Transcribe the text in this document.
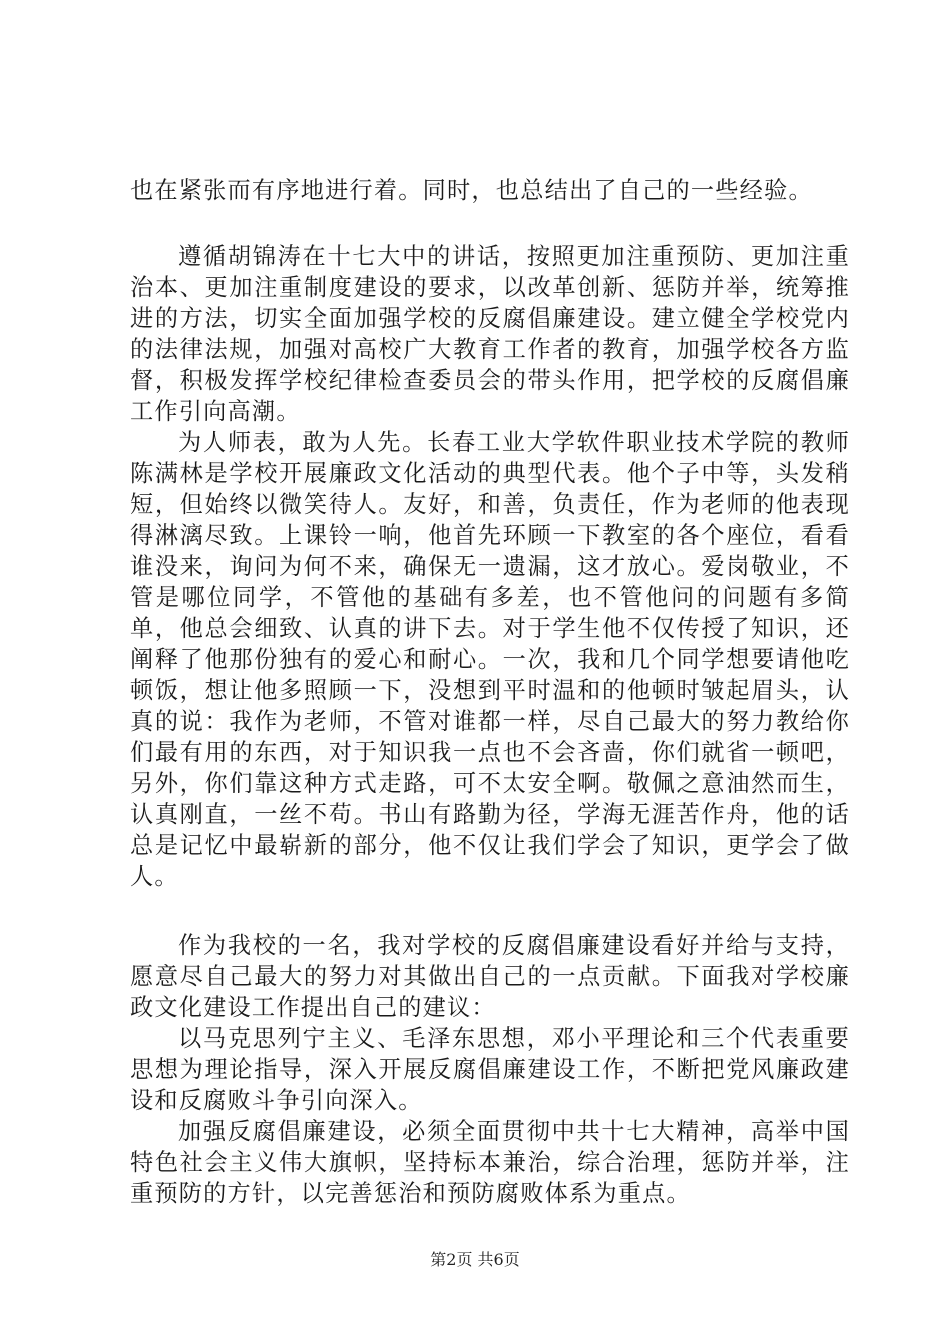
也在紧张而有序地进行着。同时，也总结出了自己的一些经验。

遵循胡锦涛在十七大中的讲话，按照更加注重预防、更加注重治本、更加注重制度建设的要求，以改革创新、惩防并举，统筹推进的方法，切实全面加强学校的反腐倡廉建设。建立健全学校党内的法律法规，加强对高校广大教育工作者的教育，加强学校各方监督，积极发挥学校纪律检查委员会的带头作用，把学校的反腐倡廉工作引向高潮。

为人师表，敢为人先。长春工业大学软件职业技术学院的教师陈满林是学校开展廉政文化活动的典型代表。他个子中等，头发稍短，但始终以微笑待人。友好，和善，负责任，作为老师的他表现得淋漓尽致。上课铃一响，他首先环顾一下教室的各个座位，看看谁没来，询问为何不来，确保无一遗漏，这才放心。爱岗敬业，不管是哪位同学，不管他的基础有多差，也不管他问的问题有多简单，他总会细致、认真的讲下去。对于学生他不仅传授了知识，还阐释了他那份独有的爱心和耐心。一次，我和几个同学想要请他吃顿饭，想让他多照顾一下，没想到平时温和的他顿时皱起眉头，认真的说：我作为老师，不管对谁都一样，尽自己最大的努力教给你们最有用的东西，对于知识我一点也不会吝啬，你们就省一顿吧，另外，你们靠这种方式走路，可不太安全啊。敬佩之意油然而生，认真刚直，一丝不苟。书山有路勤为径，学海无涯苦作舟，他的话总是记忆中最崭新的部分，他不仅让我们学会了知识，更学会了做人。

作为我校的一名，我对学校的反腐倡廉建设看好并给与支持，愿意尽自己最大的努力对其做出自己的一点贡献。下面我对学校廉政文化建设工作提出自己的建议：

以马克思列宁主义、毛泽东思想，邓小平理论和三个代表重要思想为理论指导，深入开展反腐倡廉建设工作，不断把党风廉政建设和反腐败斗争引向深入。

加强反腐倡廉建设，必须全面贯彻中共十七大精神，高举中国特色社会主义伟大旗帜，坚持标本兼治，综合治理，惩防并举，注重预防的方针，以完善惩治和预防腐败体系为重点。

第2页 共6页
